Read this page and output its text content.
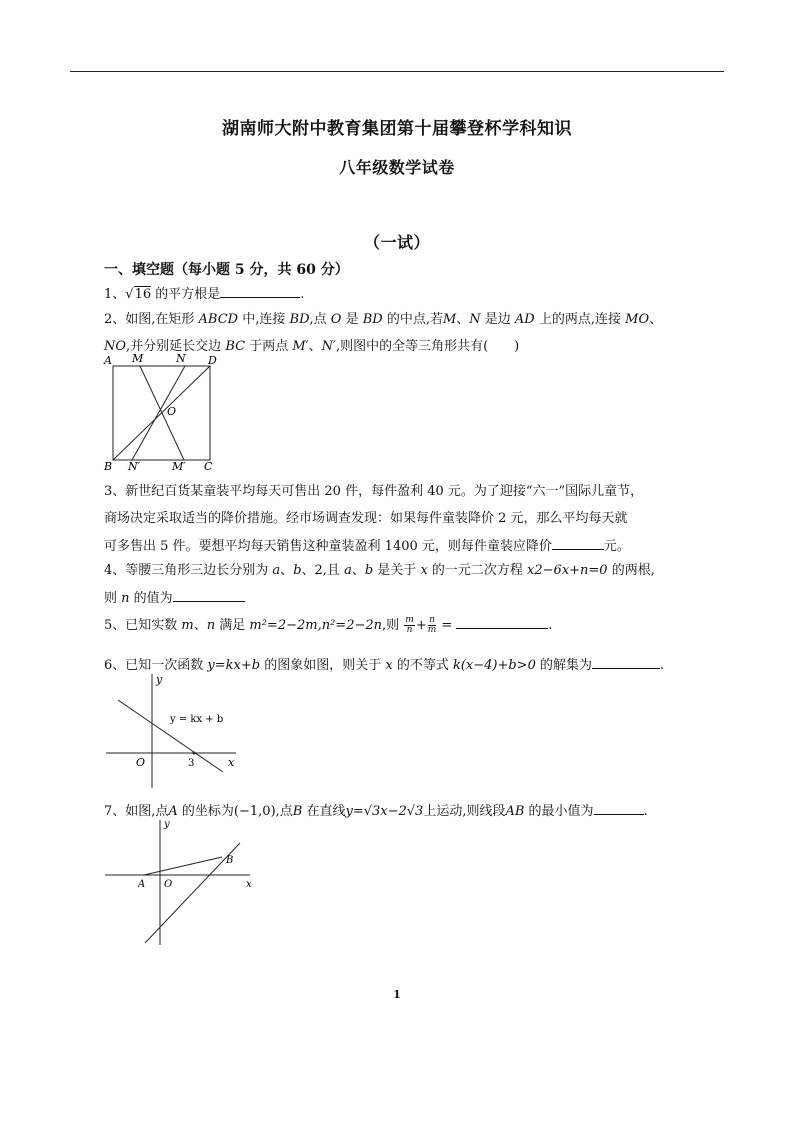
湖南师大附中教育集团第十届攀登杯学科知识
八年级数学试卷
（一试）
一、填空题（每小题 5 分，共 60 分）
1、√16 的平方根是	.
2、如图,在矩形 ABCD 中,连接 BD,点 O 是 BD 的中点,若M、N 是边 AD 上的两点,连接 MO、
NO,并分别延长交边 BC 于两点 M′、N′,则图中的全等三角形共有(　　)
A M	N D
O
B N′	M′ C
3、新世纪百货某童装平均每天可售出 20 件，每件盈利 40 元。为了迎接“六一”国际儿童节，
商场决定采取适当的降价措施。经市场调查发现：如果每件童装降价 2 元，那么平均每天就
可多售出 5 件。要想平均每天销售这种童装盈利 1400 元，则每件童装应降价	元。
4、等腰三角形三边长分别为 a、b、2,且 a、b 是关于 x 的一元二次方程 x2−6x+n=0 的两根,
则 n 的值为
5、已知实数 m、n 满足 m²=2−2m,n²=2−2n,则 $\frac{m}{n} + \frac{n}{m}$ =	.
6、已知一次函数 y=kx+b 的图象如图，则关于 x 的不等式 k(x−4)+b>0 的解集为	.
y
y = kx + b
O	3	x
7、如图,点A 的坐标为(−1,0),点B 在直线y=√3x−2√3上运动,则线段AB 的最小值为	.
y
A O
B
x
1
